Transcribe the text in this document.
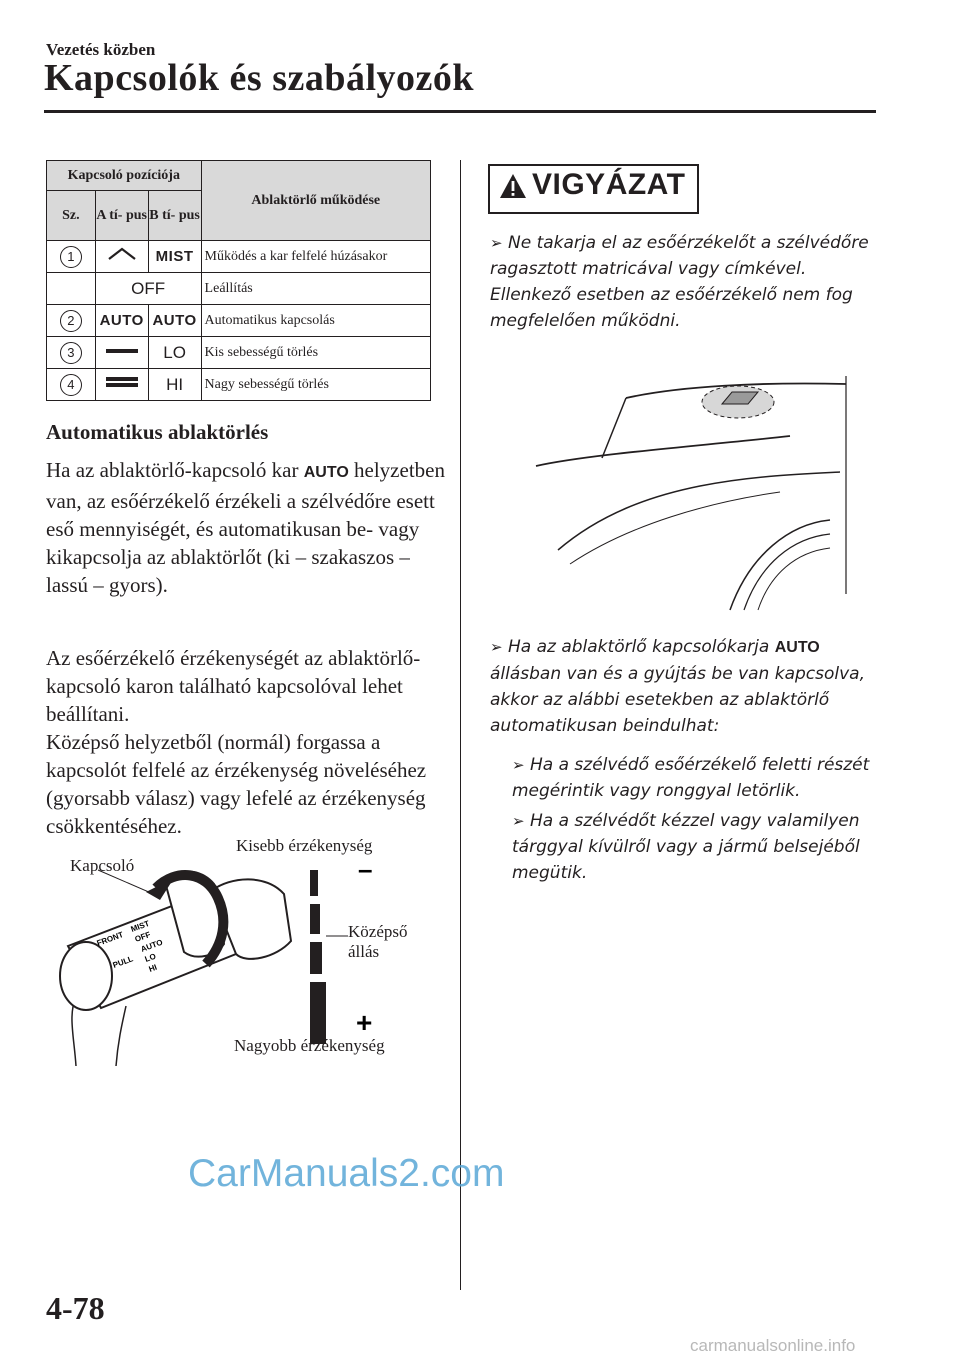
Vezetés közben
Kapcsolók és szabályozók
Kapcsoló pozíciója			Ablaktörlő működése
Sz.	A tí- pus	B tí- pus	
1		MIST	Működés a kar felfelé húzásakor
	OFF		Leállítás
2	AUTO	AUTO	Automatikus kapcsolás
3		LO	Kis sebességű törlés
4		HI	Nagy sebességű törlés
Automatikus ablaktörlés
Ha az ablaktörlő-kapcsoló kar AUTO helyzetben van, az esőérzékelő érzékeli a szélvédőre esett eső mennyiségét, és automatikusan be- vagy kikapcsolja az ablaktörlőt (ki – szakaszos – lassú – gyors).
Az esőérzékelő érzékenységét az ablaktörlő-kapcsoló karon található kapcsolóval lehet beállítani.
Középső helyzetből (normál) forgassa a kapcsolót felfelé az érzékenység növeléséhez (gyorsabb válasz) vagy lefelé az érzékenység csökkentéséhez.
FRONT
PULL
MIST
OFF
AUTO
LO
HI
–
+
Kapcsoló
Kisebb érzékenység
Középső
állás
Nagyobb érzékenység
VIGYÁZAT
➢ Ne takarja el az esőérzékelőt a szélvédőre ragasztott matricával vagy címkével. Ellenkező esetben az esőérzékelő nem fog megfelelően működni.
➢ Ha az ablaktörlő kapcsolókarja AUTO állásban van és a gyújtás be van kapcsolva, akkor az alábbi esetekben az ablaktörlő automatikusan beindulhat:
➢ Ha a szélvédő esőérzékelő feletti részét megérintik vagy ronggyal letörlik.
➢ Ha a szélvédőt kézzel vagy valamilyen tárggyal kívülről vagy a jármű belsejéből megütik.
CarManuals2.com
4-78
carmanualsonline.info
